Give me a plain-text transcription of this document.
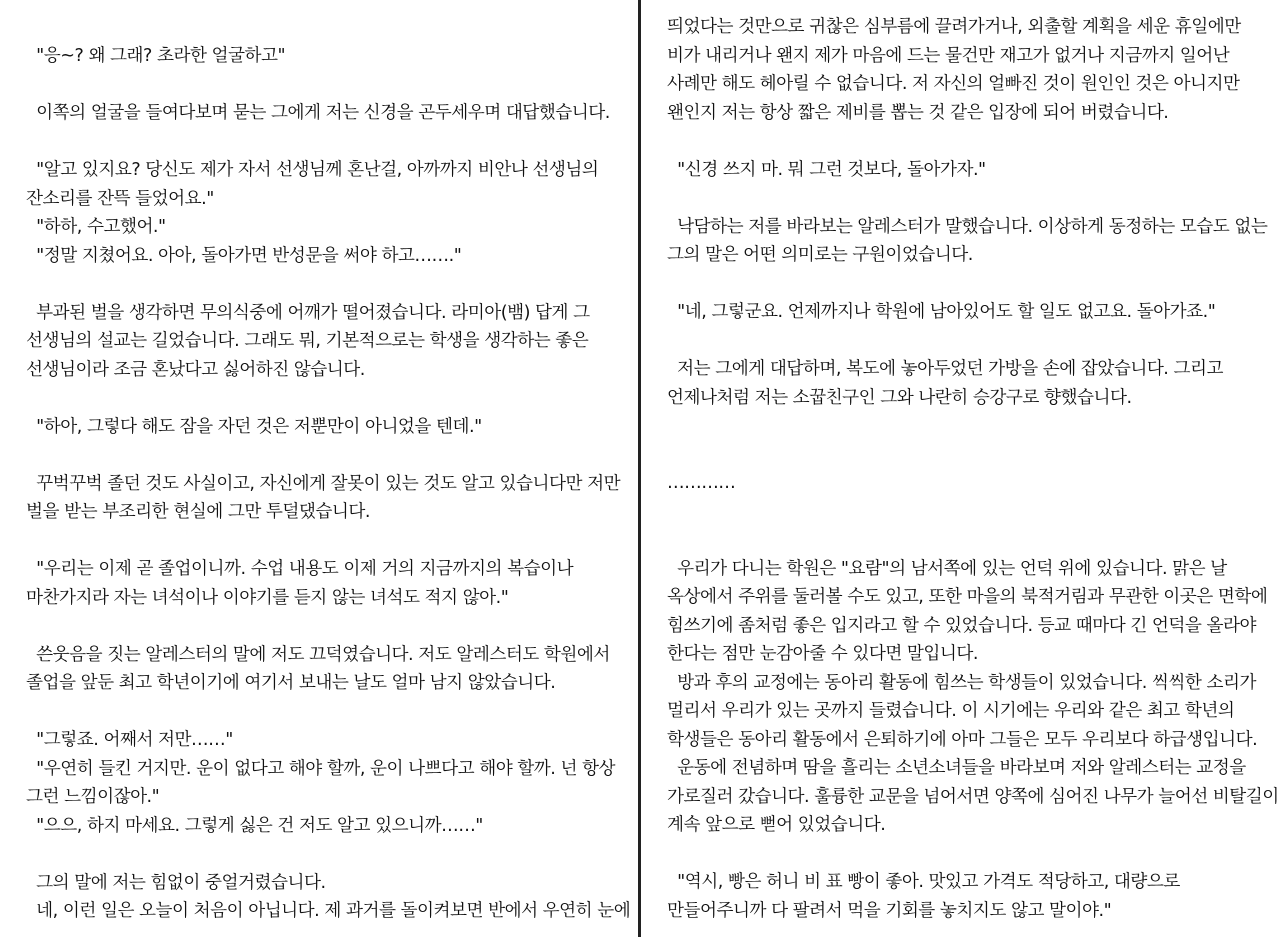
"응~? 왜 그래? 초라한 얼굴하고"
이쪽의 얼굴을 들여다보며 묻는 그에게 저는 신경을 곤두세우며 대답했습니다.
"알고 있지요? 당신도 제가 자서 선생님께 혼난걸, 아까까지 비안나 선생님의
잔소리를 잔뜩 들었어요."
"하하, 수고했어."
"정말 지쳤어요. 아아, 돌아가면 반성문을 써야 하고……."
부과된 벌을 생각하면 무의식중에 어깨가 떨어졌습니다. 라미아(뱀) 답게 그
선생님의 설교는 길었습니다. 그래도 뭐, 기본적으로는 학생을 생각하는 좋은
선생님이라 조금 혼났다고 싫어하진 않습니다.
"하아, 그렇다 해도 잠을 자던 것은 저뿐만이 아니었을 텐데."
꾸벅꾸벅 졸던 것도 사실이고, 자신에게 잘못이 있는 것도 알고 있습니다만 저만
벌을 받는 부조리한 현실에 그만 투덜댔습니다.
"우리는 이제 곧 졸업이니까. 수업 내용도 이제 거의 지금까지의 복습이나
마찬가지라 자는 녀석이나 이야기를 듣지 않는 녀석도 적지 않아."
쓴웃음을 짓는 알레스터의 말에 저도 끄덕였습니다. 저도 알레스터도 학원에서
졸업을 앞둔 최고 학년이기에 여기서 보내는 날도 얼마 남지 않았습니다.
"그렇죠. 어째서 저만……"
"우연히 들킨 거지만. 운이 없다고 해야 할까, 운이 나쁘다고 해야 할까. 넌 항상
그런 느낌이잖아."
"으으, 하지 마세요. 그렇게 싫은 건 저도 알고 있으니까……"
그의 말에 저는 힘없이 중얼거렸습니다.
네, 이런 일은 오늘이 처음이 아닙니다. 제 과거를 돌이켜보면 반에서 우연히 눈에
띄었다는 것만으로 귀찮은 심부름에 끌려가거나, 외출할 계획을 세운 휴일에만
비가 내리거나 왠지 제가 마음에 드는 물건만 재고가 없거나 지금까지 일어난
사례만 해도 헤아릴 수 없습니다. 저 자신의 얼빠진 것이 원인인 것은 아니지만
왠인지 저는 항상 짧은 제비를 뽑는 것 같은 입장에 되어 버렸습니다.
"신경 쓰지 마. 뭐 그런 것보다, 돌아가자."
낙담하는 저를 바라보는 알레스터가 말했습니다. 이상하게 동정하는 모습도 없는
그의 말은 어떤 의미로는 구원이었습니다.
"네, 그렇군요. 언제까지나 학원에 남아있어도 할 일도 없고요. 돌아가죠."
저는 그에게 대답하며, 복도에 놓아두었던 가방을 손에 잡았습니다. 그리고
언제나처럼 저는 소꿉친구인 그와 나란히 승강구로 향했습니다.
…………
우리가 다니는 학원은 "요람"의 남서쪽에 있는 언덕 위에 있습니다. 맑은 날
옥상에서 주위를 둘러볼 수도 있고, 또한 마을의 북적거림과 무관한 이곳은 면학에
힘쓰기에 좀처럼 좋은 입지라고 할 수 있었습니다. 등교 때마다 긴 언덕을 올라야
한다는 점만 눈감아줄 수 있다면 말입니다.
방과 후의 교정에는 동아리 활동에 힘쓰는 학생들이 있었습니다. 씩씩한 소리가
멀리서 우리가 있는 곳까지 들렸습니다. 이 시기에는 우리와 같은 최고 학년의
학생들은 동아리 활동에서 은퇴하기에 아마 그들은 모두 우리보다 하급생입니다.
운동에 전념하며 땀을 흘리는 소년소녀들을 바라보며 저와 알레스터는 교정을
가로질러 갔습니다. 훌륭한 교문을 넘어서면 양쪽에 심어진 나무가 늘어선 비탈길이
계속 앞으로 뻗어 있었습니다.
"역시, 빵은 허니 비 표 빵이 좋아. 맛있고 가격도 적당하고, 대량으로
만들어주니까 다 팔려서 먹을 기회를 놓치지도 않고 말이야."
